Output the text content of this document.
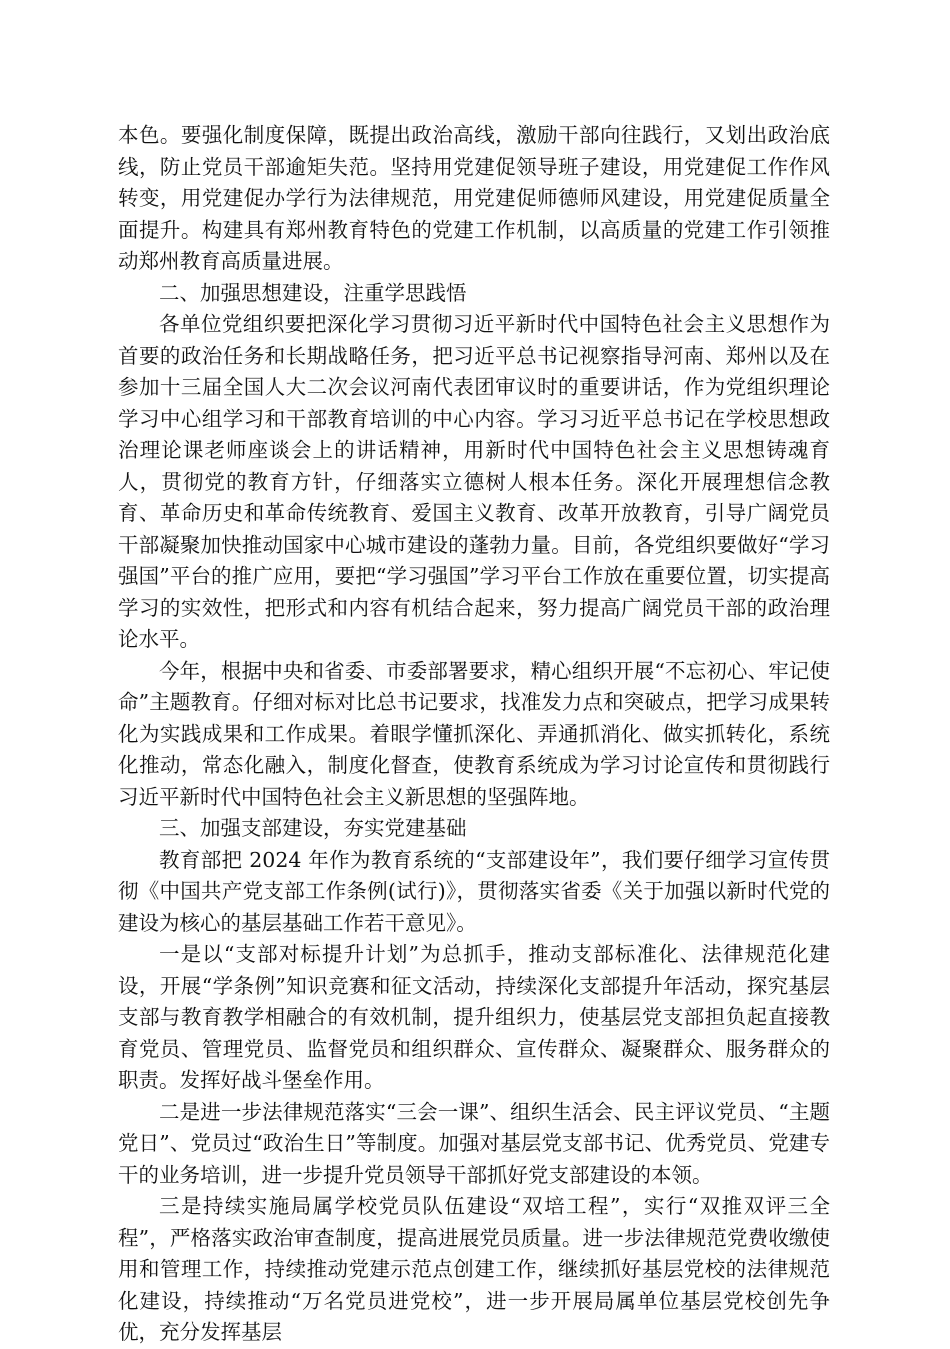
本色。要强化制度保障，既提出政治高线，激励干部向往践行，又划出政治底线，防止党员干部逾矩失范。坚持用党建促领导班子建设，用党建促工作作风转变，用党建促办学行为法律规范，用党建促师德师风建设，用党建促质量全面提升。构建具有郑州教育特色的党建工作机制，以高质量的党建工作引领推动郑州教育高质量进展。

二、加强思想建设，注重学思践悟

各单位党组织要把深化学习贯彻习近平新时代中国特色社会主义思想作为首要的政治任务和长期战略任务，把习近平总书记视察指导河南、郑州以及在参加十三届全国人大二次会议河南代表团审议时的重要讲话，作为党组织理论学习中心组学习和干部教育培训的中心内容。学习习近平总书记在学校思想政治理论课老师座谈会上的讲话精神，用新时代中国特色社会主义思想铸魂育人，贯彻党的教育方针，仔细落实立德树人根本任务。深化开展理想信念教育、革命历史和革命传统教育、爱国主义教育、改革开放教育，引导广阔党员干部凝聚加快推动国家中心城市建设的蓬勃力量。目前，各党组织要做好“学习强国”平台的推广应用，要把“学习强国”学习平台工作放在重要位置，切实提高学习的实效性，把形式和内容有机结合起来，努力提高广阔党员干部的政治理论水平。

今年，根据中央和省委、市委部署要求，精心组织开展“不忘初心、牢记使命”主题教育。仔细对标对比总书记要求，找准发力点和突破点，把学习成果转化为实践成果和工作成果。着眼学懂抓深化、弄通抓消化、做实抓转化，系统化推动，常态化融入，制度化督查，使教育系统成为学习讨论宣传和贯彻践行习近平新时代中国特色社会主义新思想的坚强阵地。

三、加强支部建设，夯实党建基础

教育部把 2024 年作为教育系统的“支部建设年”，我们要仔细学习宣传贯彻《中国共产党支部工作条例(试行)》，贯彻落实省委《关于加强以新时代党的建设为核心的基层基础工作若干意见》。

一是以“支部对标提升计划”为总抓手，推动支部标准化、法律规范化建设，开展“学条例”知识竞赛和征文活动，持续深化支部提升年活动，探究基层支部与教育教学相融合的有效机制，提升组织力，使基层党支部担负起直接教育党员、管理党员、监督党员和组织群众、宣传群众、凝聚群众、服务群众的职责。发挥好战斗堡垒作用。

二是进一步法律规范落实“三会一课”、组织生活会、民主评议党员、“主题党日”、党员过“政治生日”等制度。加强对基层党支部书记、优秀党员、党建专干的业务培训，进一步提升党员领导干部抓好党支部建设的本领。

三是持续实施局属学校党员队伍建设“双培工程”，实行“双推双评三全程”，严格落实政治审查制度，提高进展党员质量。进一步法律规范党费收缴使用和管理工作，持续推动党建示范点创建工作，继续抓好基层党校的法律规范化建设，持续推动“万名党员进党校”，进一步开展局属单位基层党校创先争优，充分发挥基层
